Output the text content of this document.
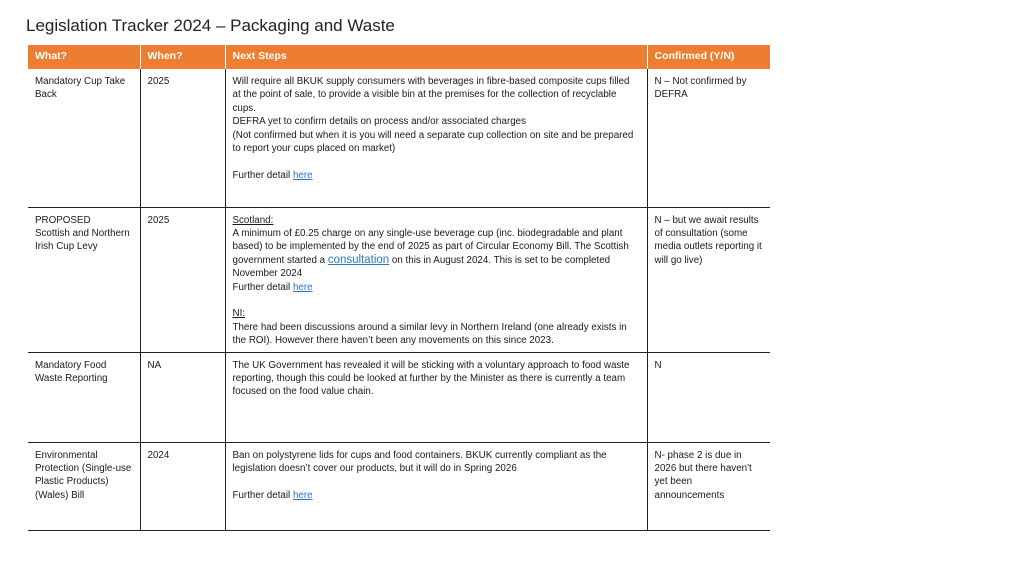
Legislation Tracker 2024 – Packaging and Waste
What?	When?	Next Steps	Confirmed (Y/N)
Mandatory Cup Take Back	2025	Will require all BKUK supply consumers with beverages in fibre-based composite cups filled at the point of sale, to provide a visible bin at the premises for the collection of recyclable cups.
DEFRA yet to confirm details on process and/or associated charges
(Not confirmed but when it is you will need a separate cup collection on site and be prepared to report your cups placed on market)
Further detail here	N – Not confirmed by DEFRA

PROPOSED
Scottish and Northern Irish Cup Levy	2025	Scotland:
A minimum of £0.25 charge on any single-use beverage cup (inc. biodegradable and plant based) to be implemented by the end of 2025 as part of Circular Economy Bill. The Scottish government started a consultation on this in August 2024. This is set to be completed November 2024
Further detail here
NI:
There had been discussions around a similar levy in Northern Ireland (one already exists in the ROI). However there haven’t been any movements on this since 2023.	N – but we await results of consultation (some media outlets reporting it will go live)
Mandatory Food Waste Reporting	NA	The UK Government has revealed it will be sticking with a voluntary approach to food waste reporting, though this could be looked at further by the Minister as there is currently a team focused on the food value chain.	N
Environmental Protection (Single-use Plastic Products) (Wales) Bill	2024	Ban on polystyrene lids for cups and food containers. BKUK currently compliant as the legislation doesn’t cover our products, but it will do in Spring 2026
Further detail here	N- phase 2 is due in 2026 but there haven't yet been announcements
